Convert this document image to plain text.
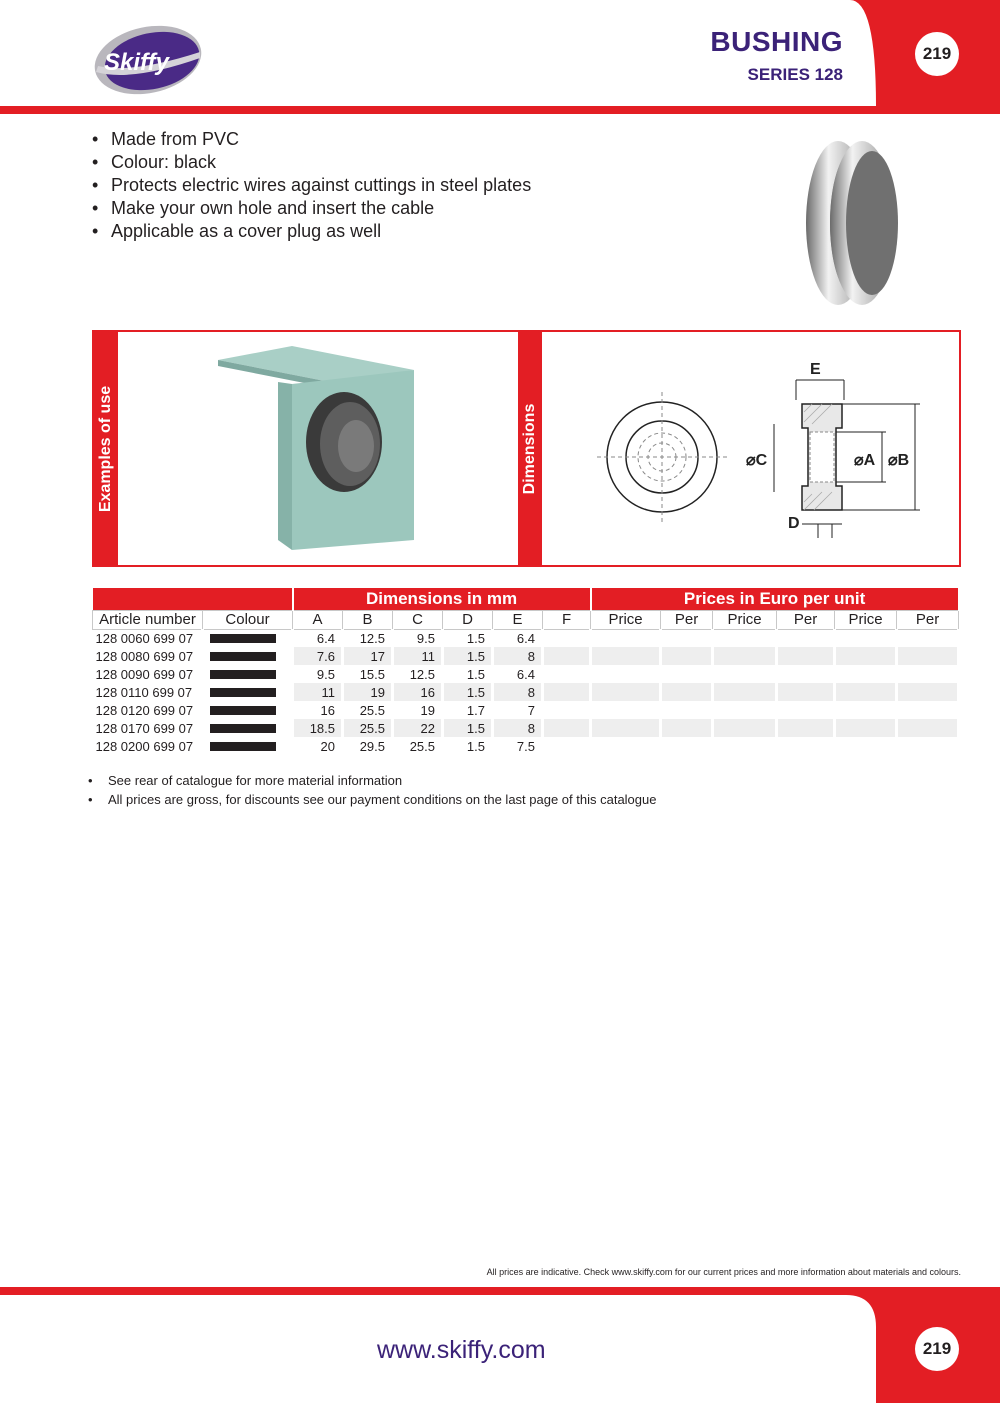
Skiffy
BUSHING
SERIES 128
219
• Made from PVC
• Colour: black
• Protects electric wires against cuttings in steel plates
• Make your own hole and insert the cable
• Applicable as a cover plug as well
Examples of use	Dimensions
E
⌀C	⌀A ⌀B
D
		Dimensions in mm						Prices in Euro per unit					
Article number	Colour	A	B	C	D	E	F	Price	Per	Price	Per	Price	Per
128 0060 699 07		6.4	12.5	9.5	1.5	6.4							
128 0080 699 07		7.6	17	11	1.5	8							
128 0090 699 07		9.5	15.5	12.5	1.5	6.4							
128 0110 699 07		11	19	16	1.5	8							
128 0120 699 07		16	25.5	19	1.7	7							
128 0170 699 07		18.5	25.5	22	1.5	8							
128 0200 699 07		20	29.5	25.5	1.5	7.5							
• See rear of catalogue for more material information
• All prices are gross, for discounts see our payment conditions on the last page of this catalogue
All prices are indicative. Check www.skiffy.com for our current prices and more information about materials and colours.
www.skiffy.com	219
